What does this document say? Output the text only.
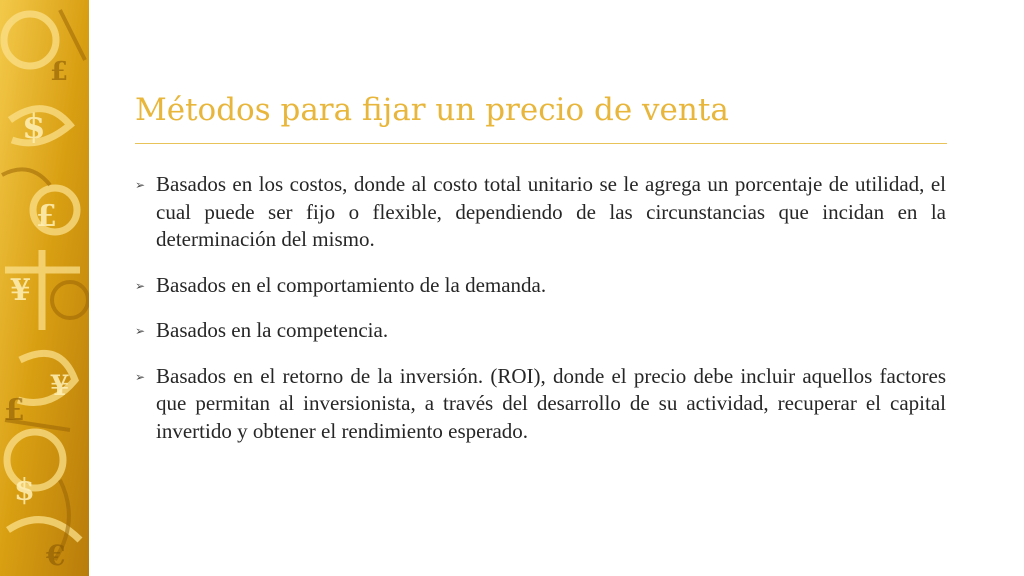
$
£
¥
¥
$
£
£
€
Métodos para fijar un precio de venta
➢ Basados en los costos, donde al costo total unitario se le agrega un porcentaje de utilidad, el cual puede ser fijo o flexible, dependiendo de las circunstancias que incidan en la determinación del mismo.
➢ Basados en el comportamiento de la demanda.
➢ Basados en la competencia.
➢ Basados en el retorno de la inversión. (ROI), donde el precio debe incluir aquellos factores que permitan al inversionista, a través del desarrollo de su actividad, recuperar el capital invertido y obtener el rendimiento esperado.
